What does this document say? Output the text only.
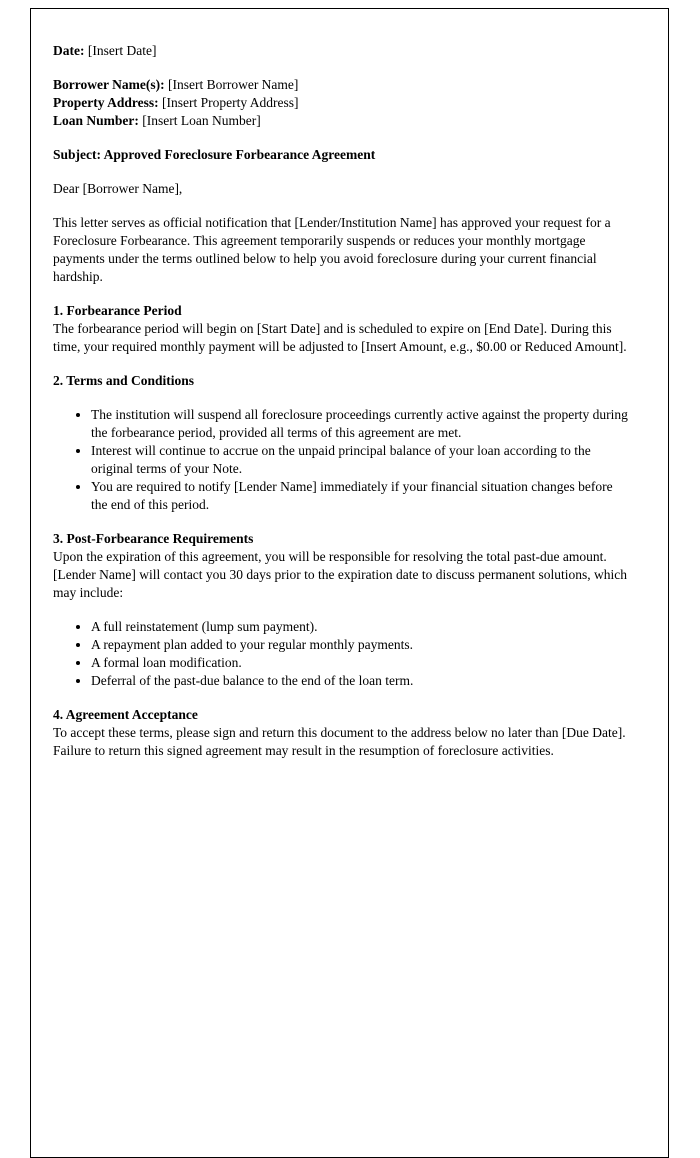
Date: [Insert Date]

Borrower Name(s): [Insert Borrower Name]
Property Address: [Insert Property Address]
Loan Number: [Insert Loan Number]

Subject: Approved Foreclosure Forbearance Agreement

Dear [Borrower Name],

This letter serves as official notification that [Lender/Institution Name] has approved your request for a Foreclosure Forbearance. This agreement temporarily suspends or reduces your monthly mortgage payments under the terms outlined below to help you avoid foreclosure during your current financial hardship.

1. Forbearance Period

The forbearance period will begin on [Start Date] and is scheduled to expire on [End Date]. During this time, your required monthly payment will be adjusted to [Insert Amount, e.g., $0.00 or Reduced Amount].

2. Terms and Conditions

• The institution will suspend all foreclosure proceedings currently active against the property during the forbearance period, provided all terms of this agreement are met.
• Interest will continue to accrue on the unpaid principal balance of your loan according to the original terms of your Note.
• You are required to notify [Lender Name] immediately if your financial situation changes before the end of this period.

3. Post-Forbearance Requirements

Upon the expiration of this agreement, you will be responsible for resolving the total past-due amount. [Lender Name] will contact you 30 days prior to the expiration date to discuss permanent solutions, which may include:

• A full reinstatement (lump sum payment).
• A repayment plan added to your regular monthly payments.
• A formal loan modification.
• Deferral of the past-due balance to the end of the loan term.

4. Agreement Acceptance

To accept these terms, please sign and return this document to the address below no later than [Due Date]. Failure to return this signed agreement may result in the resumption of foreclosure activities.
